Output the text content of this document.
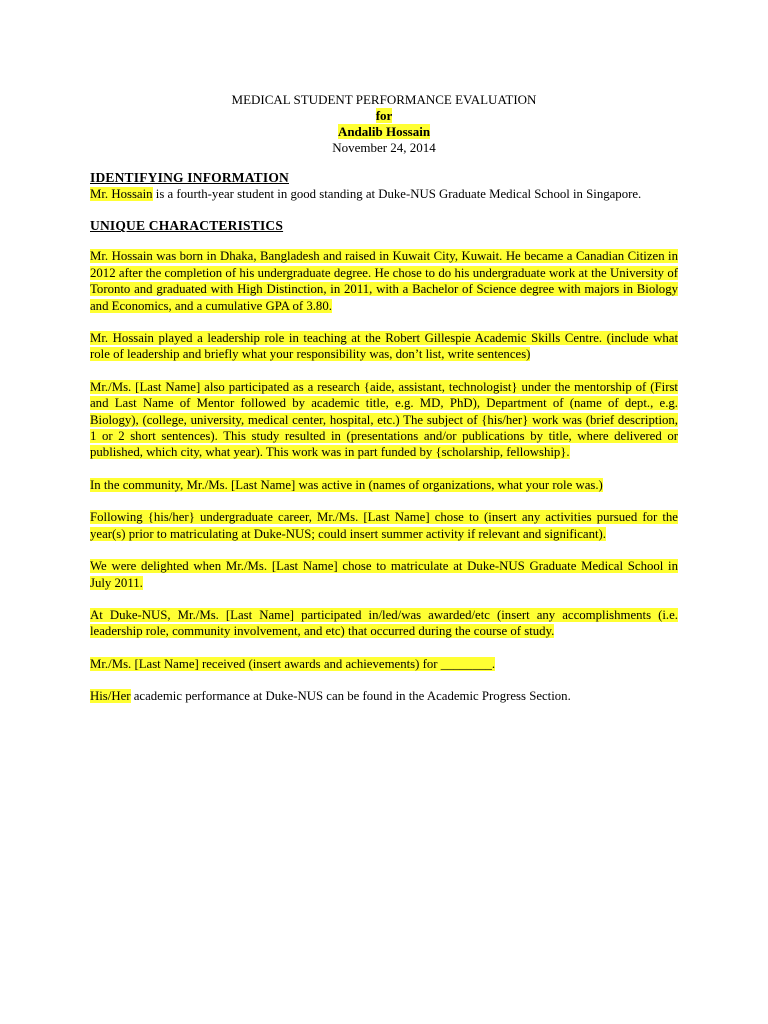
MEDICAL STUDENT PERFORMANCE EVALUATION
for
Andalib Hossain
November 24, 2014
IDENTIFYING INFORMATION

Mr. Hossain is a fourth-year student in good standing at Duke-NUS Graduate Medical School in Singapore.

UNIQUE CHARACTERISTICS

Mr. Hossain was born in Dhaka, Bangladesh and raised in Kuwait City, Kuwait. He became a Canadian Citizen in 2012 after the completion of his undergraduate degree. He chose to do his undergraduate work at the University of Toronto and graduated with High Distinction, in 2011, with a Bachelor of Science degree with majors in Biology and Economics, and a cumulative GPA of 3.80.

Mr. Hossain played a leadership role in teaching at the Robert Gillespie Academic Skills Centre. (include what role of leadership and briefly what your responsibility was, don’t list, write sentences)

Mr./Ms. [Last Name] also participated as a research {aide, assistant, technologist} under the mentorship of (First and Last Name of Mentor followed by academic title, e.g. MD, PhD), Department of (name of dept., e.g. Biology), (college, university, medical center, hospital, etc.) The subject of {his/her} work was (brief description, 1 or 2 short sentences). This study resulted in (presentations and/or publications by title, where delivered or published, which city, what year). This work was in part funded by {scholarship, fellowship}.

In the community, Mr./Ms. [Last Name] was active in (names of organizations, what your role was.)

Following {his/her} undergraduate career, Mr./Ms. [Last Name] chose to (insert any activities pursued for the year(s) prior to matriculating at Duke-NUS; could insert summer activity if relevant and significant).

We were delighted when Mr./Ms. [Last Name] chose to matriculate at Duke-NUS Graduate Medical School in July 2011.

At Duke-NUS, Mr./Ms. [Last Name] participated in/led/was awarded/etc (insert any accomplishments (i.e. leadership role, community involvement, and etc) that occurred during the course of study.

Mr./Ms. [Last Name] received (insert awards and achievements) for ________.

His/Her academic performance at Duke-NUS can be found in the Academic Progress Section.
